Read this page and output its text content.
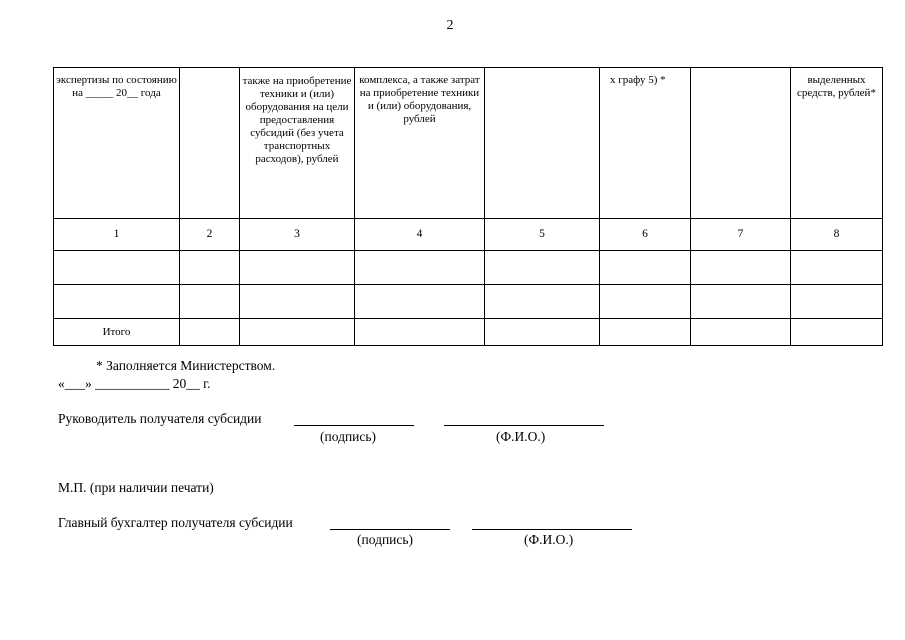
2
экспертизы по состоянию на _____ 20__ года		также на приобретение техники и (или) оборудования на цели предоставления субсидий (без учета транспортных расходов), рублей	комплекса, а также затрат на приобретение техники и (или) оборудования, рублей		х графу 5) *		выделенных средств, рублей*

1	2	3	4	5	6	7	8

Итого							
* Заполняется Министерством.
«___» ___________ 20__ г.
Руководитель получателя субсидии
(подпись)	(Ф.И.О.)
М.П. (при наличии печати)
Главный бухгалтер получателя субсидии
(подпись)	(Ф.И.О.)
